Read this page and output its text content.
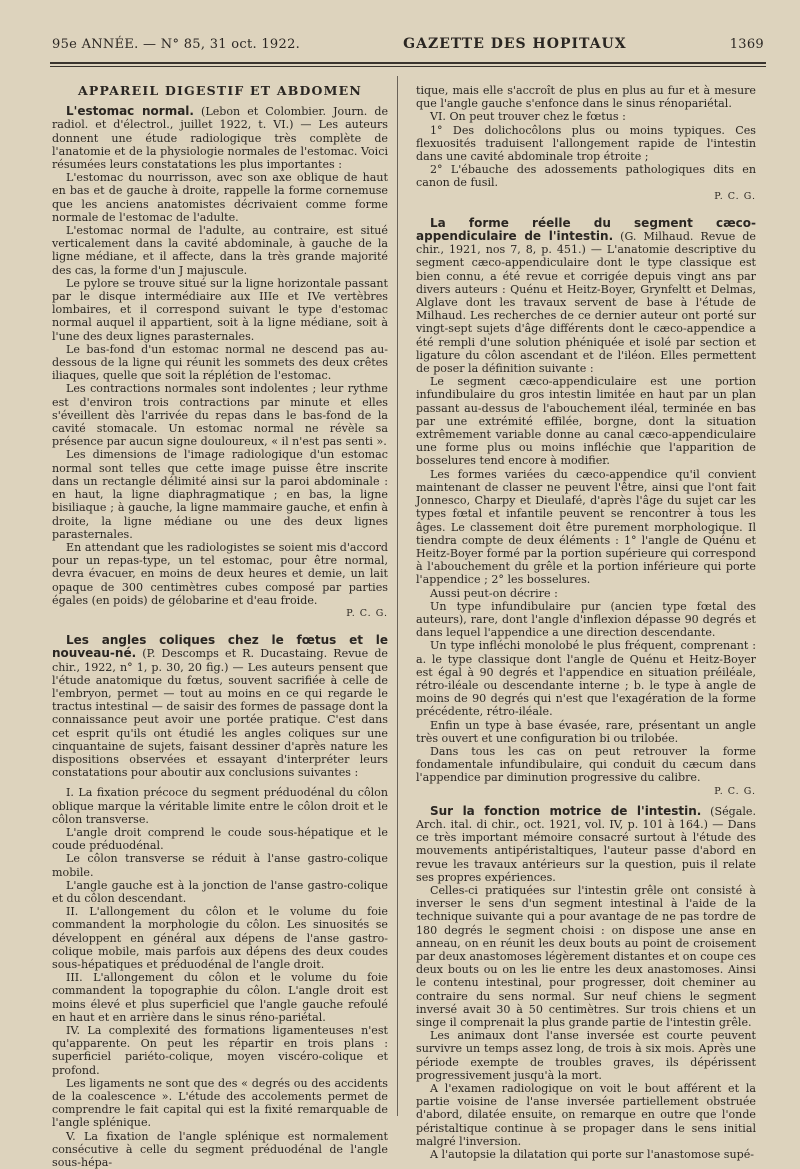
95e ANNÉE. — N° 85, 31 oct. 1922.	GAZETTE DES HOPITAUX	1369
APPAREIL DIGESTIF ET ABDOMEN

L'estomac normal. (Lebon et Colombier. Journ. de radiol. et d'électrol., juillet 1922, t. VI.) — Les auteurs donnent une étude radiologique très complète de l'anatomie et de la physiologie normales de l'estomac. Voici résumées leurs constatations les plus importantes :

L'estomac du nourrisson, avec son axe oblique de haut en bas et de gauche à droite, rappelle la forme cornemuse que les anciens anatomistes décrivaient comme forme normale de l'estomac de l'adulte.

L'estomac normal de l'adulte, au contraire, est situé verticalement dans la cavité abdominale, à gauche de la ligne médiane, et il affecte, dans la très grande majorité des cas, la forme d'un J majuscule.

Le pylore se trouve situé sur la ligne horizontale passant par le disque intermédiaire aux IIIe et IVe vertèbres lombaires, et il correspond suivant le type d'estomac normal auquel il appartient, soit à la ligne médiane, soit à l'une des deux lignes parasternales.

Le bas-fond d'un estomac normal ne descend pas au-dessous de la ligne qui réunit les sommets des deux crêtes iliaques, quelle que soit la réplétion de l'estomac.

Les contractions normales sont indolentes ; leur rythme est d'environ trois contractions par minute et elles s'éveillent dès l'arrivée du repas dans le bas-fond de la cavité stomacale. Un estomac normal ne révèle sa présence par aucun signe douloureux, « il n'est pas senti ».

Les dimensions de l'image radiologique d'un estomac normal sont telles que cette image puisse être inscrite dans un rectangle délimité ainsi sur la paroi abdominale : en haut, la ligne diaphragmatique ; en bas, la ligne bisiliaque ; à gauche, la ligne mammaire gauche, et enfin à droite, la ligne médiane ou une des deux lignes parasternales.

En attendant que les radiologistes se soient mis d'accord pour un repas-type, un tel estomac, pour être normal, devra évacuer, en moins de deux heures et demie, un lait opaque de 300 centimètres cubes composé par parties égales (en poids) de gélobarine et d'eau froide.

P. C. G.

Les angles coliques chez le fœtus et le nouveau-né. (P. Descomps et R. Ducastaing. Revue de chir., 1922, n° 1, p. 30, 20 fig.) — Les auteurs pensent que l'étude anatomique du fœtus, souvent sacrifiée à celle de l'embryon, permet — tout au moins en ce qui regarde le tractus intestinal — de saisir des formes de passage dont la connaissance peut avoir une portée pratique. C'est dans cet esprit qu'ils ont étudié les angles coliques sur une cinquantaine de sujets, faisant dessiner d'après nature les dispositions observées et essayant d'interpréter leurs constatations pour aboutir aux conclusions suivantes :

I. La fixation précoce du segment préduodénal du côlon oblique marque la véritable limite entre le côlon droit et le côlon transverse.

L'angle droit comprend le coude sous-hépatique et le coude préduodénal.

Le côlon transverse se réduit à l'anse gastro-colique mobile.

L'angle gauche est à la jonction de l'anse gastro-colique et du côlon descendant.

II. L'allongement du côlon et le volume du foie commandent la morphologie du côlon. Les sinuosités se développent en général aux dépens de l'anse gastro-colique mobile, mais parfois aux dépens des deux coudes sous-hépatiques et préduodénal de l'angle droit.

III. L'allongement du côlon et le volume du foie commandent la topographie du côlon. L'angle droit est moins élevé et plus superficiel que l'angle gauche refoulé en haut et en arrière dans le sinus réno-pariétal.

IV. La complexité des formations ligamenteuses n'est qu'apparente. On peut les répartir en trois plans : superficiel pariéto-colique, moyen viscéro-colique et profond.

Les ligaments ne sont que des « degrés ou des accidents de la coalescence ». L'étude des accolements permet de comprendre le fait capital qui est la fixité remarquable de l'angle splénique.

V. La fixation de l'angle splénique est normalement consécutive à celle du segment préduodénal de l'angle sous-hépa-

tique, mais elle s'accroît de plus en plus au fur et à mesure que l'angle gauche s'enfonce dans le sinus rénopariétal.

VI. On peut trouver chez le fœtus :

1° Des dolichocôlons plus ou moins typiques. Ces flexuosités traduisent l'allongement rapide de l'intestin dans une cavité abdominale trop étroite ;

2° L'ébauche des adossements pathologiques dits en canon de fusil.

P. C. G.

La forme réelle du segment cæco-appendiculaire de l'intestin. (G. Milhaud. Revue de chir., 1921, nos 7, 8, p. 451.) — L'anatomie descriptive du segment cæco-appendiculaire dont le type classique est bien connu, a été revue et corrigée depuis vingt ans par divers auteurs : Quénu et Heitz-Boyer, Grynfeltt et Delmas, Alglave dont les travaux servent de base à l'étude de Milhaud. Les recherches de ce dernier auteur ont porté sur vingt-sept sujets d'âge différents dont le cæco-appendice a été rempli d'une solution phéniquée et isolé par section et ligature du côlon ascendant et de l'iléon. Elles permettent de poser la définition suivante :

Le segment cæco-appendiculaire est une portion infundibulaire du gros intestin limitée en haut par un plan passant au-dessus de l'abouchement iléal, terminée en bas par une extrémité effilée, borgne, dont la situation extrêmement variable donne au canal cæco-appendiculaire une forme plus ou moins infléchie que l'apparition de bosselures tend encore à modifier.

Les formes variées du cæco-appendice qu'il convient maintenant de classer ne peuvent l'être, ainsi que l'ont fait Jonnesco, Charpy et Dieulafé, d'après l'âge du sujet car les types fœtal et infantile peuvent se rencontrer à tous les âges. Le classement doit être purement morphologique. Il tiendra compte de deux éléments : 1° l'angle de Quénu et Heitz-Boyer formé par la portion supérieure qui correspond à l'abouchement du grêle et la portion inférieure qui porte l'appendice ; 2° les bosselures.

Aussi peut-on décrire :

Un type infundibulaire pur (ancien type fœtal des auteurs), rare, dont l'angle d'inflexion dépasse 90 degrés et dans lequel l'appendice a une direction descendante.

Un type infléchi monolobé le plus fréquent, comprenant : a. le type classique dont l'angle de Quénu et Heitz-Boyer est égal à 90 degrés et l'appendice en situation préiléale, rétro-iléale ou descendante interne ; b. le type à angle de moins de 90 degrés qui n'est que l'exagération de la forme précédente, rétro-iléale.

Enfin un type à base évasée, rare, présentant un angle très ouvert et une configuration bi ou trilobée.

Dans tous les cas on peut retrouver la forme fondamentale infundibulaire, qui conduit du cæcum dans l'appendice par diminution progressive du calibre.

P. C. G.

Sur la fonction motrice de l'intestin. (Ségale. Arch. ital. di chir., oct. 1921, vol. IV, p. 101 à 164.) — Dans ce très important mémoire consacré surtout à l'étude des mouvements antipéristaltiques, l'auteur passe d'abord en revue les travaux antérieurs sur la question, puis il relate ses propres expériences.

Celles-ci pratiquées sur l'intestin grêle ont consisté à inverser le sens d'un segment intestinal à l'aide de la technique suivante qui a pour avantage de ne pas tordre de 180 degrés le segment choisi : on dispose une anse en anneau, on en réunit les deux bouts au point de croisement par deux anastomoses légèrement distantes et on coupe ces deux bouts ou on les lie entre les deux anastomoses. Ainsi le contenu intestinal, pour progresser, doit cheminer au contraire du sens normal. Sur neuf chiens le segment inversé avait 30 à 50 centimètres. Sur trois chiens et un singe il comprenait la plus grande partie de l'intestin grêle.

Les animaux dont l'anse inversée est courte peuvent survivre un temps assez long, de trois à six mois. Après une période exempte de troubles graves, ils dépérissent progressivement jusqu'à la mort.

A l'examen radiologique on voit le bout afférent et la partie voisine de l'anse inversée partiellement obstruée d'abord, dilatée ensuite, on remarque en outre que l'onde péristaltique continue à se propager dans le sens initial malgré l'inversion.

A l'autopsie la dilatation qui porte sur l'anastomose supé-
